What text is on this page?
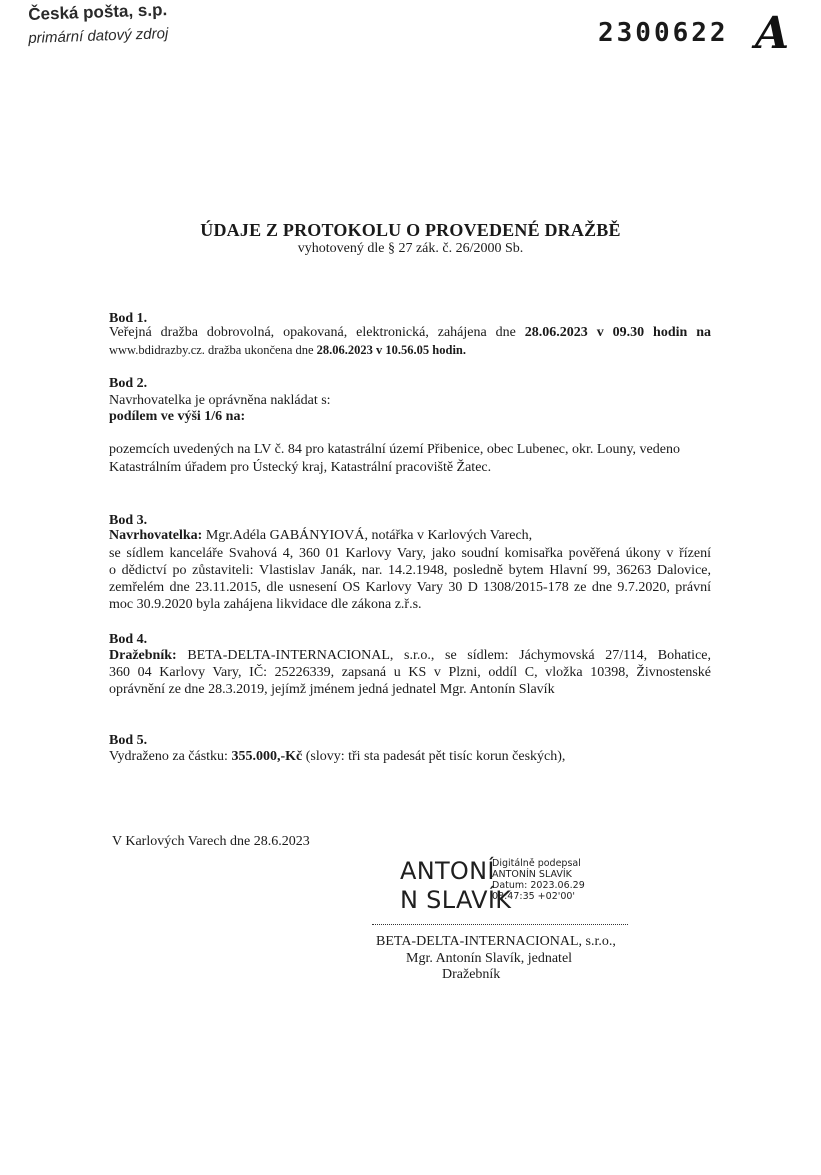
Česká pošta, s.p.
primární datový zdroj	2300622 A
ÚDAJE Z PROTOKOLU O PROVEDENÉ DRAŽBĚ
vyhotovený dle § 27 zák. č. 26/2000 Sb.
Bod 1.
Veřejná dražba dobrovolná, opakovaná, elektronická, zahájena dne 28.06.2023 v 09.30 hodin na
www.bdidrazby.cz. dražba ukončena dne 28.06.2023 v 10.56.05 hodin.
Bod 2.
Navrhovatelka je oprávněna nakládat s:
podílem ve výši 1/6 na:
pozemcích uvedených na LV č. 84 pro katastrální území Přibenice, obec Lubenec, okr. Louny, vedeno
Katastrálním úřadem pro Ústecký kraj, Katastrální pracoviště Žatec.
Bod 3.
Navrhovatelka: Mgr.Adéla GABÁNYIOVÁ, notářka v Karlových Varech,
se sídlem kanceláře Svahová 4, 360 01 Karlovy Vary, jako soudní komisařka pověřená úkony v řízení
o dědictví po zůstaviteli: Vlastislav Janák, nar. 14.2.1948, posledně bytem Hlavní 99, 36263 Dalovice,
zemřelém dne 23.11.2015, dle usnesení OS Karlovy Vary 30 D 1308/2015-178 ze dne 9.7.2020, právní
moc 30.9.2020 byla zahájena likvidace dle zákona z.ř.s.
Bod 4.
Dražebník: BETA-DELTA-INTERNACIONAL, s.r.o., se sídlem: Jáchymovská 27/114, Bohatice,
360 04 Karlovy Vary, IČ: 25226339, zapsaná u KS v Plzni, oddíl C, vložka 10398, Živnostenské
oprávnění ze dne 28.3.2019, jejímž jménem jedná jednatel Mgr. Antonín Slavík
Bod 5.
Vydraženo za částku: 355.000,-Kč (slovy: tři sta padesát pět tisíc korun českých),
V Karlových Varech dne 28.6.2023
ANTONÍ
N SLAVÍK
Digitálně podepsal
ANTONÍN SLAVÍK
Datum: 2023.06.29
08:47:35 +02'00'
BETA-DELTA-INTERNACIONAL, s.r.o.,
Mgr. Antonín Slavík, jednatel
Dražebník
